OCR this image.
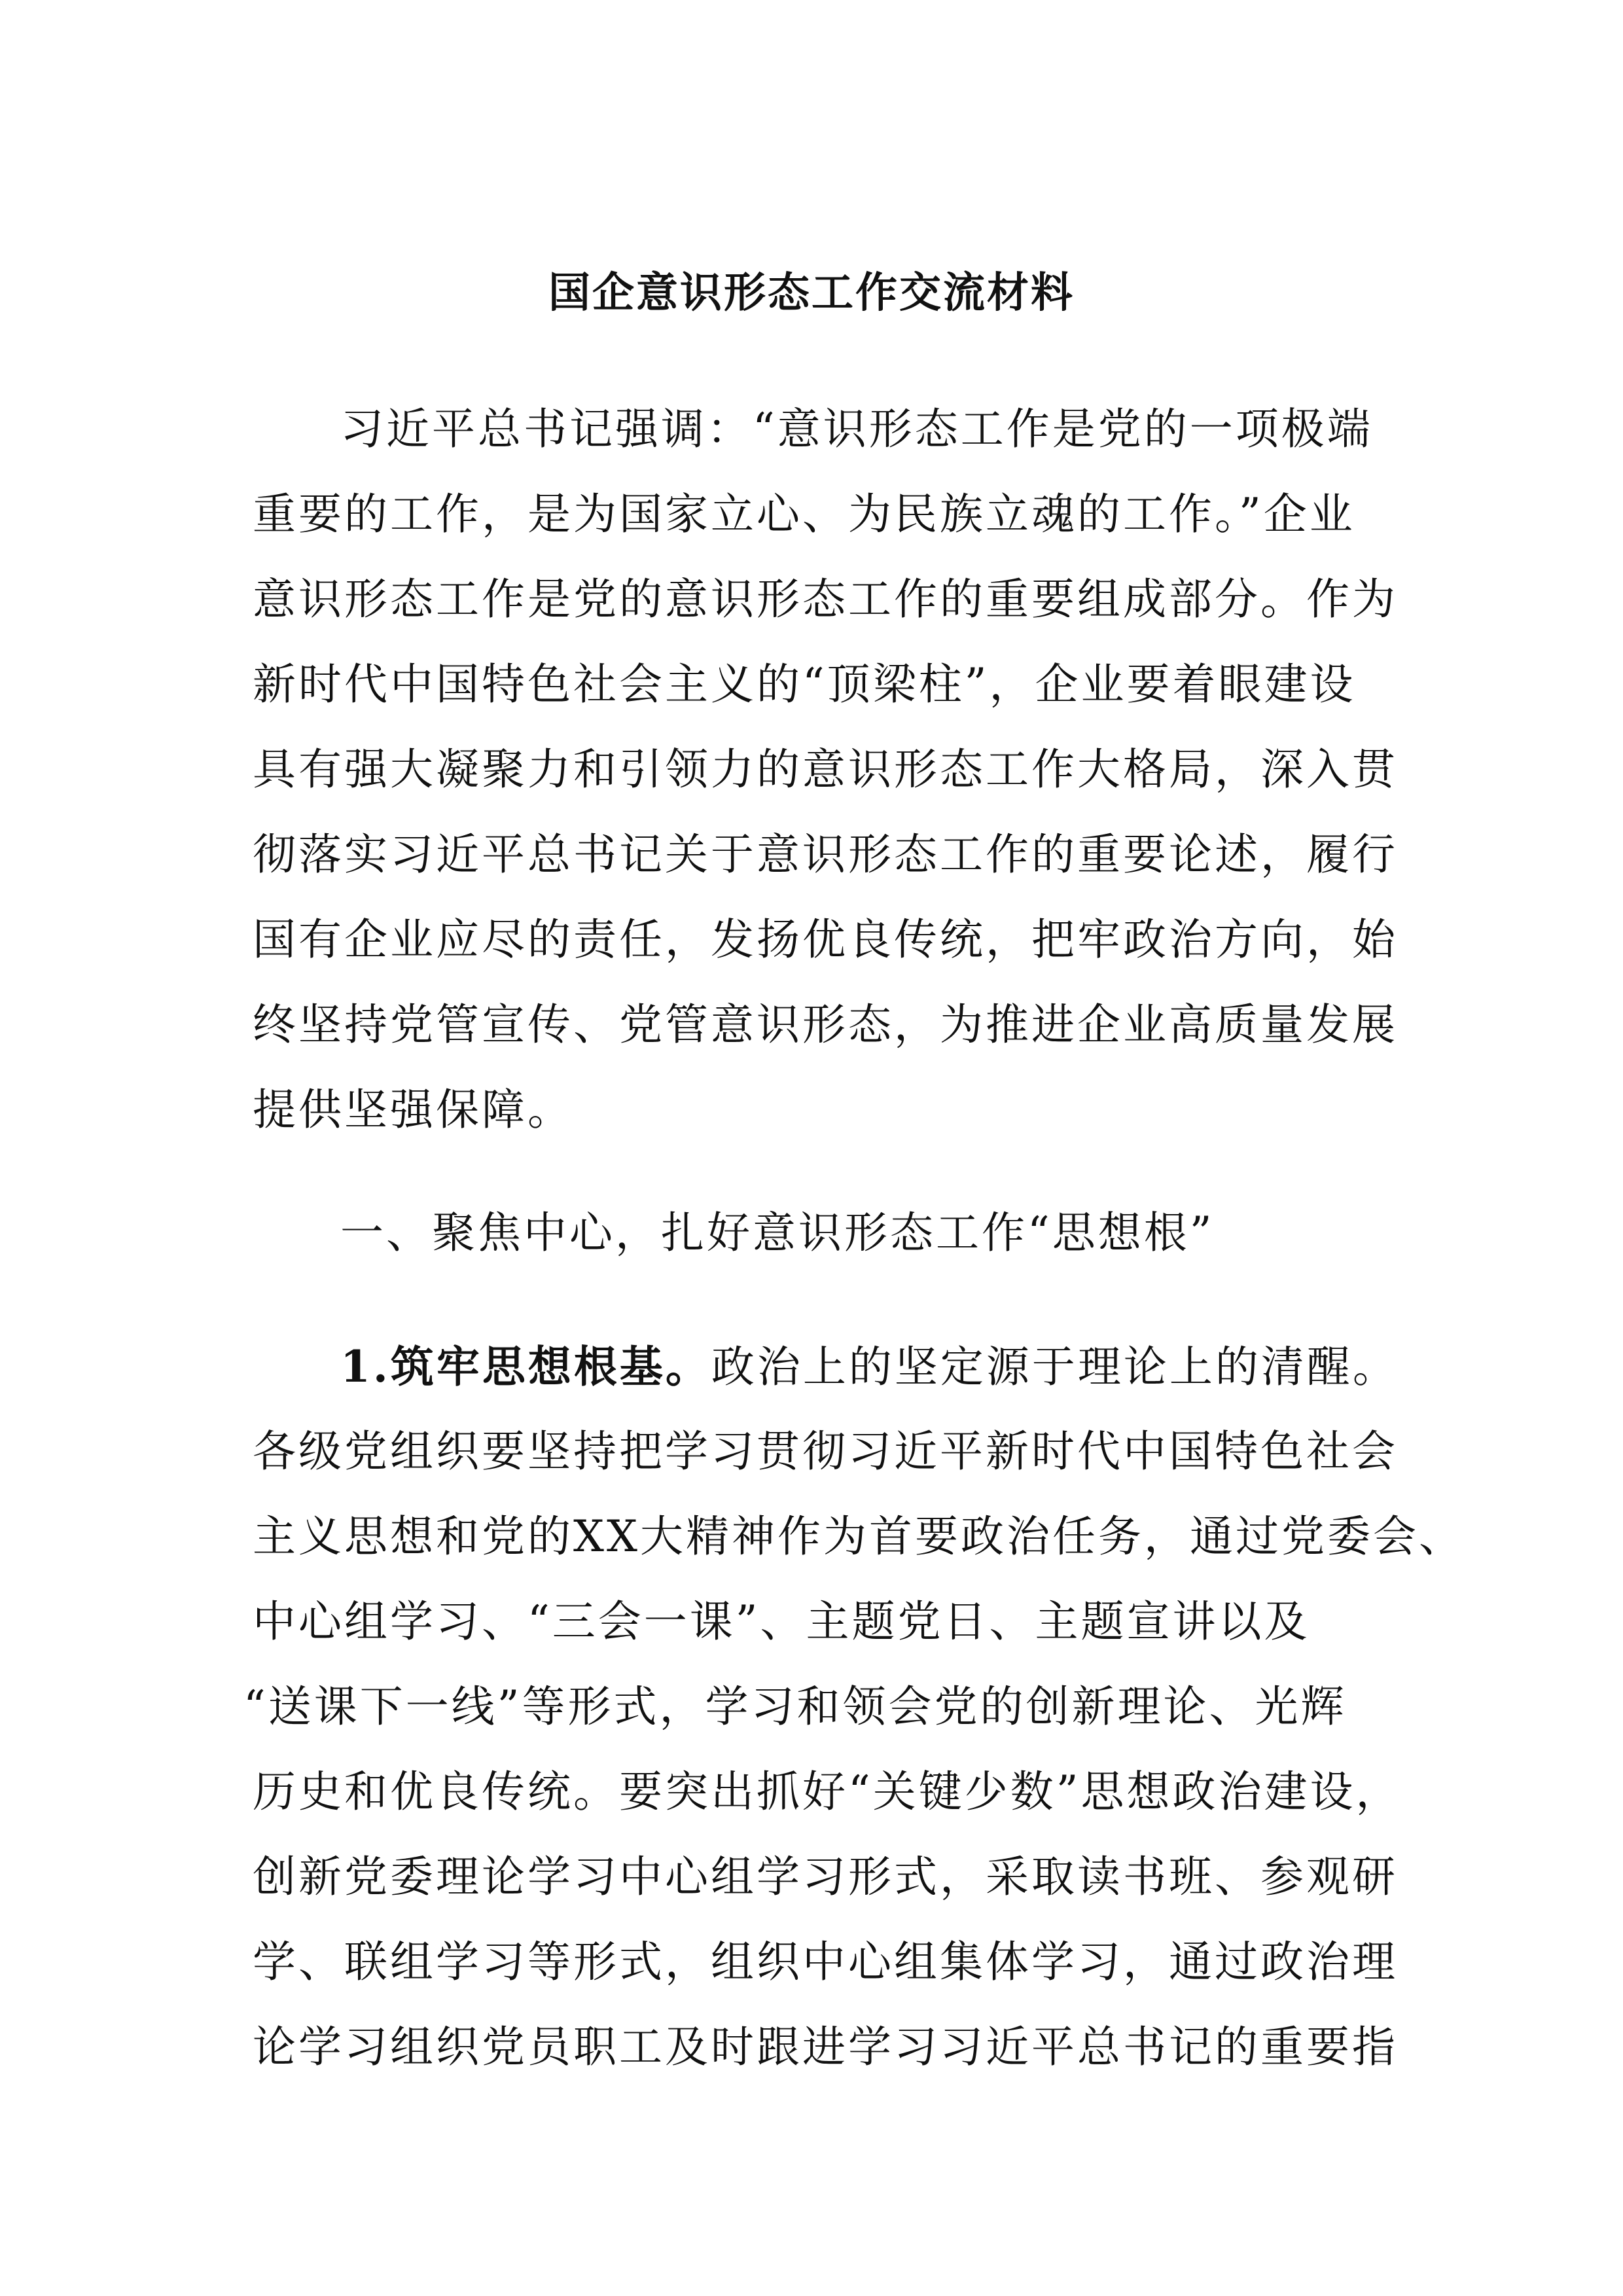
国企意识形态工作交流材料
习近平总书记强调：“意识形态工作是党的一项极端
重要的工作，是为国家立心、为民族立魂的工作。”企业
意识形态工作是党的意识形态工作的重要组成部分。作为
新时代中国特色社会主义的“顶梁柱”，企业要着眼建设
具有强大凝聚力和引领力的意识形态工作大格局，深入贯
彻落实习近平总书记关于意识形态工作的重要论述，履行
国有企业应尽的责任，发扬优良传统，把牢政治方向，始
终坚持党管宣传、党管意识形态，为推进企业高质量发展
提供坚强保障。
一、聚焦中心，扎好意识形态工作“思想根”
1.筑牢思想根基。政治上的坚定源于理论上的清醒。
各级党组织要坚持把学习贯彻习近平新时代中国特色社会
主义思想和党的XX大精神作为首要政治任务，通过党委会、
中心组学习、“三会一课”、主题党日、主题宣讲以及
“送课下一线”等形式，学习和领会党的创新理论、光辉
历史和优良传统。要突出抓好“关键少数”思想政治建设，
创新党委理论学习中心组学习形式，采取读书班、参观研
学、联组学习等形式，组织中心组集体学习，通过政治理
论学习组织党员职工及时跟进学习习近平总书记的重要指
